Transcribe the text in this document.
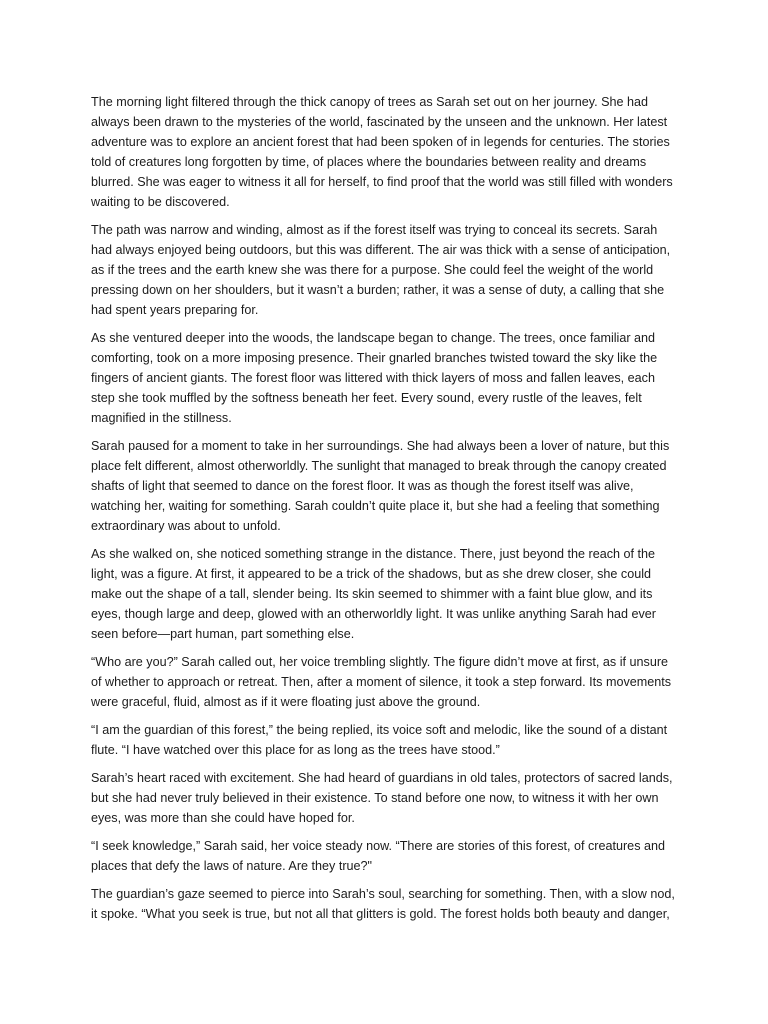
The morning light filtered through the thick canopy of trees as Sarah set out on her journey. She had always been drawn to the mysteries of the world, fascinated by the unseen and the unknown. Her latest adventure was to explore an ancient forest that had been spoken of in legends for centuries. The stories told of creatures long forgotten by time, of places where the boundaries between reality and dreams blurred. She was eager to witness it all for herself, to find proof that the world was still filled with wonders waiting to be discovered.

The path was narrow and winding, almost as if the forest itself was trying to conceal its secrets. Sarah had always enjoyed being outdoors, but this was different. The air was thick with a sense of anticipation, as if the trees and the earth knew she was there for a purpose. She could feel the weight of the world pressing down on her shoulders, but it wasn’t a burden; rather, it was a sense of duty, a calling that she had spent years preparing for.

As she ventured deeper into the woods, the landscape began to change. The trees, once familiar and comforting, took on a more imposing presence. Their gnarled branches twisted toward the sky like the fingers of ancient giants. The forest floor was littered with thick layers of moss and fallen leaves, each step she took muffled by the softness beneath her feet. Every sound, every rustle of the leaves, felt magnified in the stillness.

Sarah paused for a moment to take in her surroundings. She had always been a lover of nature, but this place felt different, almost otherworldly. The sunlight that managed to break through the canopy created shafts of light that seemed to dance on the forest floor. It was as though the forest itself was alive, watching her, waiting for something. Sarah couldn’t quite place it, but she had a feeling that something extraordinary was about to unfold.

As she walked on, she noticed something strange in the distance. There, just beyond the reach of the light, was a figure. At first, it appeared to be a trick of the shadows, but as she drew closer, she could make out the shape of a tall, slender being. Its skin seemed to shimmer with a faint blue glow, and its eyes, though large and deep, glowed with an otherworldly light. It was unlike anything Sarah had ever seen before—part human, part something else.

“Who are you?” Sarah called out, her voice trembling slightly. The figure didn’t move at first, as if unsure of whether to approach or retreat. Then, after a moment of silence, it took a step forward. Its movements were graceful, fluid, almost as if it were floating just above the ground.

“I am the guardian of this forest,” the being replied, its voice soft and melodic, like the sound of a distant flute. “I have watched over this place for as long as the trees have stood.”

Sarah’s heart raced with excitement. She had heard of guardians in old tales, protectors of sacred lands, but she had never truly believed in their existence. To stand before one now, to witness it with her own eyes, was more than she could have hoped for.

“I seek knowledge,” Sarah said, her voice steady now. “There are stories of this forest, of creatures and places that defy the laws of nature. Are they true?"

The guardian’s gaze seemed to pierce into Sarah’s soul, searching for something. Then, with a slow nod, it spoke. “What you seek is true, but not all that glitters is gold. The forest holds both beauty and danger,
